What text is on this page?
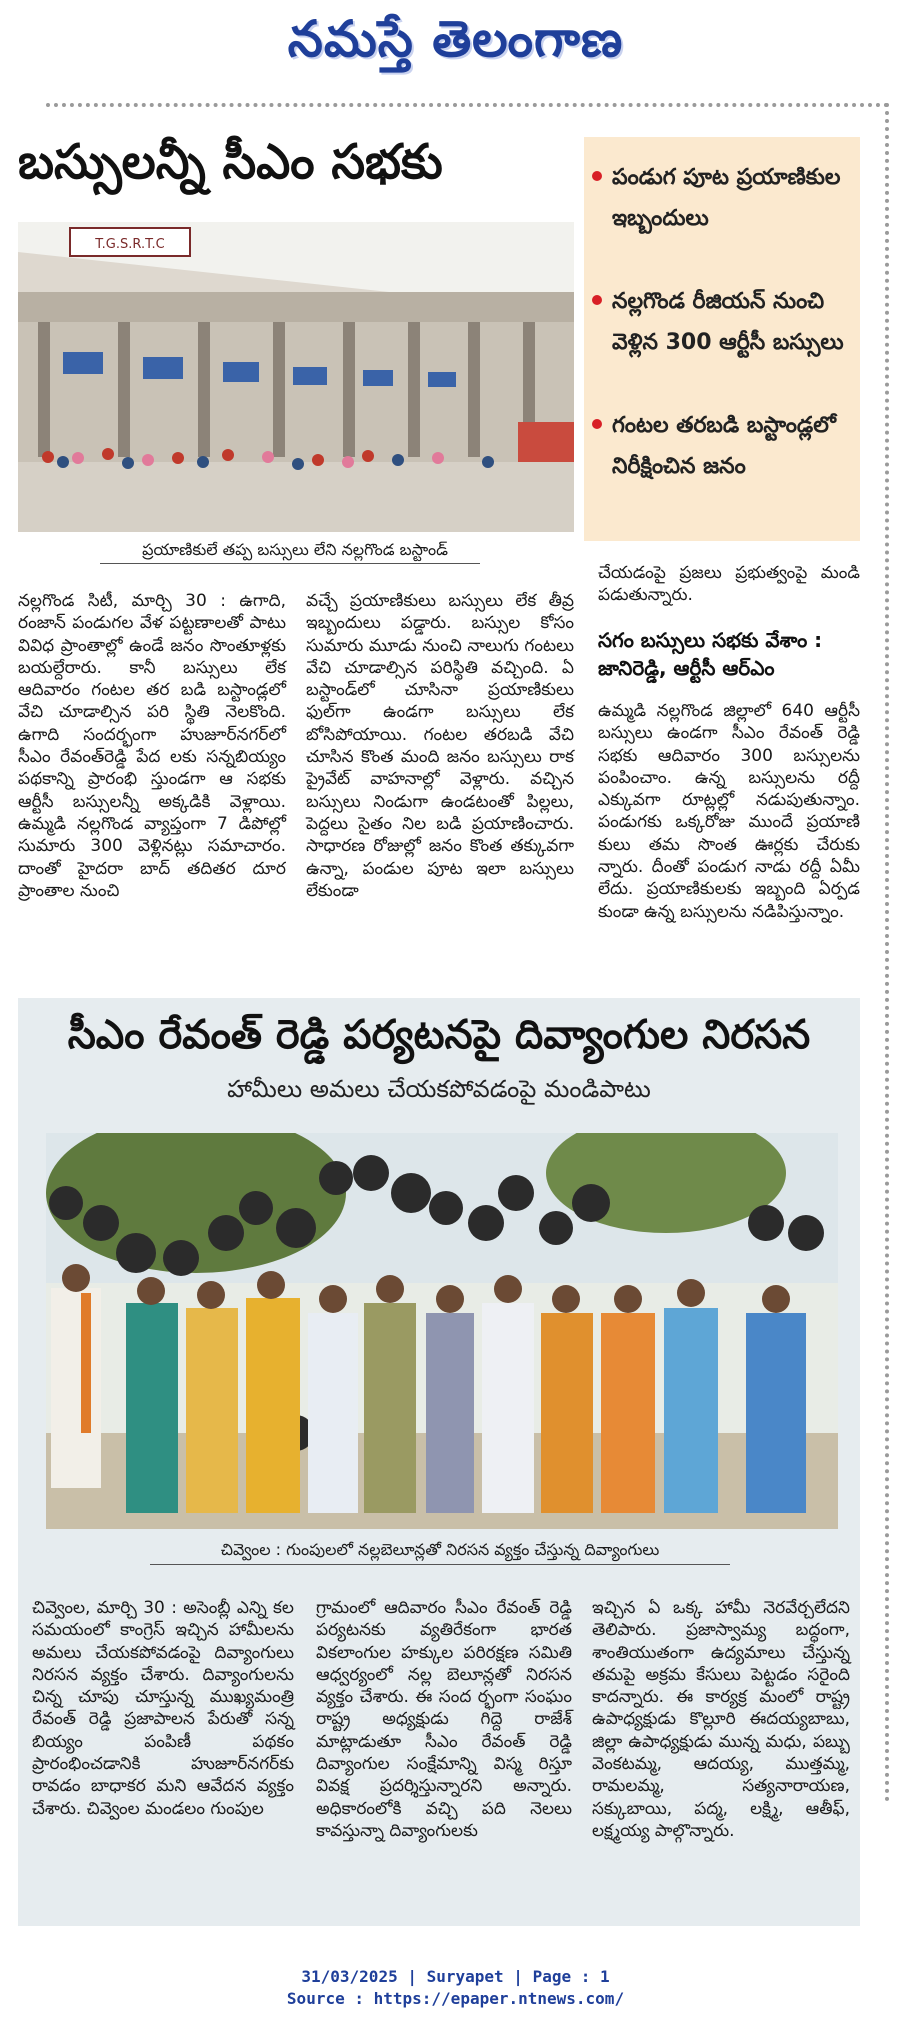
నమస్తే తెలంగాణ
బస్సులన్నీ సీఎం సభకు
T.G.S.R.T.C
ప్రయాణికులే తప్ప బస్సులు లేని నల్లగొండ బస్టాండ్
పండుగ పూట ప్రయాణికుల ఇబ్బందులు
నల్లగొండ రీజియన్ నుంచి వెళ్లిన 300 ఆర్టీసీ బస్సులు
గంటల తరబడి బస్టాండ్లలో నిరీక్షించిన జనం
నల్లగొండ సిటీ, మార్చి 30 : ఉగాది, రంజాన్ పండుగల వేళ పట్టణాలతో పాటు వివిధ ప్రాంతాల్లో ఉండే జనం సొంతూళ్లకు బయల్దేరారు. కానీ బస్సులు లేక ఆదివారం గంటల తర బడి బస్టాండ్లలో వేచి చూడాల్సిన పరి స్థితి నెలకొంది. ఉగాది సందర్భంగా హుజూర్‌నగర్‌లో సీఎం రేవంత్‌రెడ్డి పేద లకు సన్నబియ్యం పథకాన్ని ప్రారంభి స్తుండగా ఆ సభకు ఆర్టీసీ బస్సులన్నీ అక్కడికి వెళ్లాయి. ఉమ్మడి నల్లగొండ వ్యాప్తంగా 7 డిపోల్లో సుమారు 300 వెళ్లినట్లు సమాచారం. దాంతో హైదరా బాద్ తదితర దూర ప్రాంతాల నుంచి
వచ్చే ప్రయాణికులు బస్సులు లేక తీవ్ర ఇబ్బందులు పడ్డారు. బస్సుల కోసం సుమారు మూడు నుంచి నాలుగు గంటలు వేచి చూడాల్సిన పరిస్థితి వచ్చింది. ఏ బస్టాండ్‌లో చూసినా ప్రయాణికులు ఫుల్‌గా ఉండగా బస్సులు లేక బోసిపోయాయి. గంటల తరబడి వేచి చూసిన కొంత మంది జనం బస్సులు రాక ప్రైవేట్ వాహనాల్లో వెళ్లారు. వచ్చిన బస్సులు నిండుగా ఉండటంతో పిల్లలు, పెద్దలు సైతం నిల బడి ప్రయాణించారు. సాధారణ రోజుల్లో జనం కొంత తక్కువగా ఉన్నా, పండుల పూట ఇలా బస్సులు లేకుండా
చేయడంపై ప్రజలు ప్రభుత్వంపై మండి పడుతున్నారు.
సగం బస్సులు సభకు వేశాం : జానిరెడ్డి, ఆర్టీసీ ఆర్‌ఎం
ఉమ్మడి నల్లగొండ జిల్లాలో 640 ఆర్టీసీ బస్సులు ఉండగా సీఎం రేవంత్ రెడ్డి సభకు ఆదివారం 300 బస్సులను పంపించాం. ఉన్న బస్సులను రద్దీ ఎక్కువగా రూట్లల్లో నడుపుతున్నాం. పండుగకు ఒక్కరోజు ముందే ప్రయాణి కులు తమ సొంత ఊర్లకు చేరుకు న్నారు. దీంతో పండుగ నాడు రద్దీ ఏమీ లేదు. ప్రయాణికులకు ఇబ్బంది ఏర్పడ కుండా ఉన్న బస్సులను నడిపిస్తున్నాం.
సీఎం రేవంత్ రెడ్డి పర్యటనపై దివ్యాంగుల నిరసన
హామీలు అమలు చేయకపోవడంపై మండిపాటు
చివ్వెంల : గుంపులలో నల్లబెలూన్లతో నిరసన వ్యక్తం చేస్తున్న దివ్యాంగులు
చివ్వెంల, మార్చి 30 : అసెంబ్లీ ఎన్ని కల సమయంలో కాంగ్రెస్ ఇచ్చిన హామీలను అమలు చేయకపోవడంపై దివ్యాంగులు నిరసన వ్యక్తం చేశారు. దివ్యాంగులను చిన్న చూపు చూస్తున్న ముఖ్యమంత్రి రేవంత్ రెడ్డి ప్రజాపాలన పేరుతో సన్న బియ్యం పంపిణీ పథకం ప్రారంభించడానికి హుజూర్‌నగర్‌కు రావడం బాధాకర మని ఆవేదన వ్యక్తం చేశారు. చివ్వెంల మండలం గుంపుల
గ్రామంలో ఆదివారం సీఎం రేవంత్ రెడ్డి పర్యటనకు వ్యతిరేకంగా భారత వికలాంగుల హక్కుల పరిరక్షణ సమితి ఆధ్వర్యంలో నల్ల బెలూన్లతో నిరసన వ్యక్తం చేశారు. ఈ సంద ర్భంగా సంఘం రాష్ట్ర అధ్యక్షుడు గిద్దె రాజేశ్ మాట్లాడుతూ సీఎం రేవంత్ రెడ్డి దివ్యాంగుల సంక్షేమాన్ని విస్మ రిస్తూ వివక్ష ప్రదర్శిస్తున్నారని అన్నారు. అధికారంలోకి వచ్చి పది నెలలు కావస్తున్నా దివ్యాంగులకు
ఇచ్చిన ఏ ఒక్క హామీ నెరవేర్చలేదని తెలిపారు. ప్రజాస్వామ్య బద్ధంగా, శాంతియుతంగా ఉద్యమాలు చేస్తున్న తమపై అక్రమ కేసులు పెట్టడం సరైంది కాదన్నారు. ఈ కార్యక్ర మంలో రాష్ట్ర ఉపాధ్యక్షుడు కొల్లూరి ఈదయ్యబాబు, జిల్లా ఉపాధ్యక్షుడు మున్న మధు, పబ్బు వెంకటమ్మ, ఆదయ్య, ముత్తమ్మ, రామలమ్మ, సత్యనారాయణ, సక్కుబాయి, పద్మ, లక్ష్మి, ఆతీఫ్, లక్ష్మయ్య పాల్గొన్నారు.
31/03/2025 | Suryapet | Page : 1
Source : https://epaper.ntnews.com/
